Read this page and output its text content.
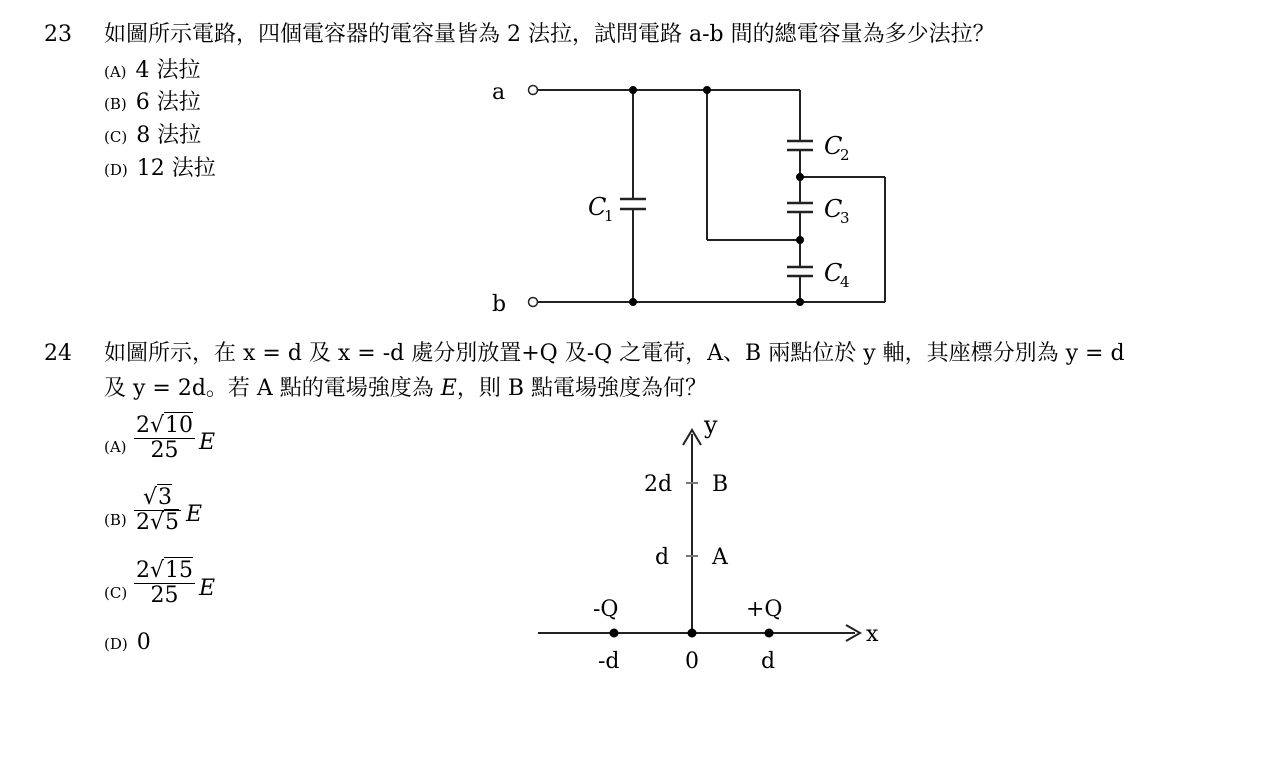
23 如圖所示電路，四個電容器的電容量皆為 2 法拉，試問電路 a-b 間的總電容量為多少法拉？
(A) 4 法拉
(B) 6 法拉
(C) 8 法拉
(D) 12 法拉
a
b
C
1
C
2
C
3
C
4
24 如圖所示，在 x = d 及 x = -d 處分別放置+Q 及-Q 之電荷，A、B 兩點位於 y 軸，其座標分別為 y = d
及 y = 2d。若 A 點的電場強度為 E，則 B 點電場強度為何？
$(A) \frac{2√10}{25}$ E
$(B) \frac{√3}{2√5}$ E
$(C) \frac{2√15}{25}$ E
(D) 0
y
x
2d B
d A
-Q	+Q
-d	0	d
